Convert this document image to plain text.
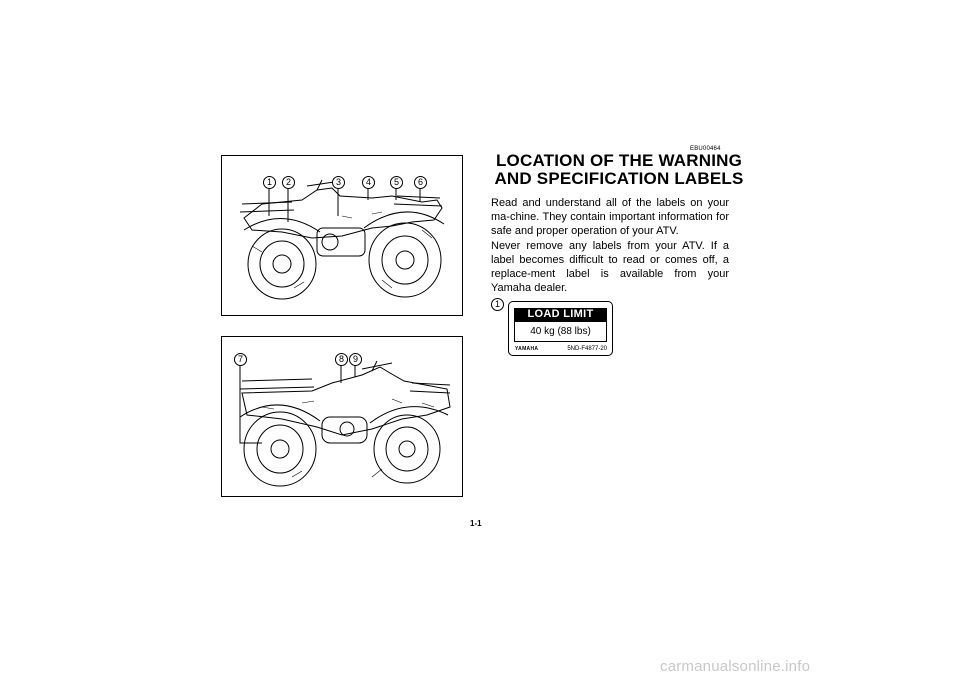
1	2	3	4	5	6
7	8 9
EBU00464
LOCATION OF THE WARNING
AND SPECIFICATION LABELS
Read and understand all of the labels on your ma-chine. They contain important information for safe and proper operation of your ATV.
Never remove any labels from your ATV. If a label becomes difficult to read or comes off, a replace-ment label is available from your Yamaha dealer.
1
LOAD LIMIT
40 kg (88 lbs)
YAMAHA	5ND-F4877-20
1-1
carmanualsonline.info
